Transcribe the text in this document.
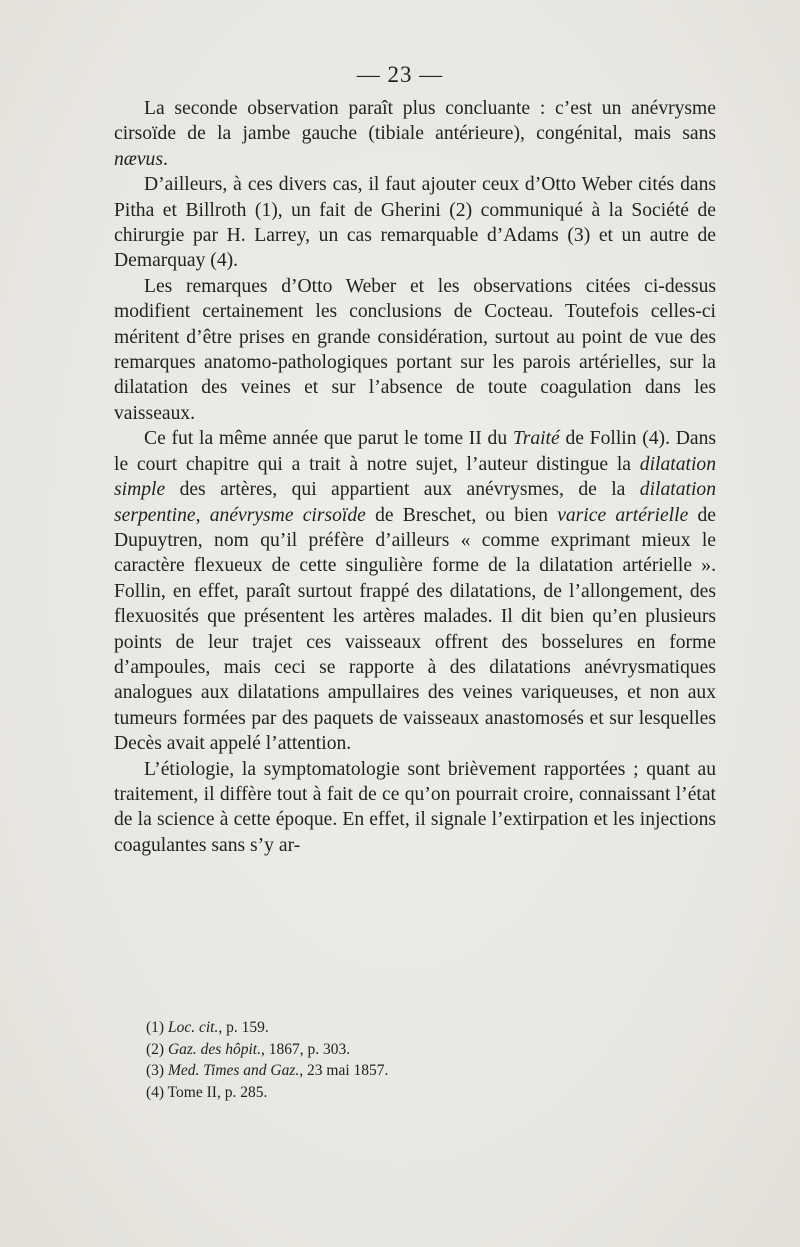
— 23 —

La seconde observation paraît plus concluante : c’est un anévrysme cirsoïde de la jambe gauche (tibiale antérieure), congénital, mais sans nævus.

D’ailleurs, à ces divers cas, il faut ajouter ceux d’Otto Weber cités dans Pitha et Billroth (1), un fait de Gherini (2) communiqué à la Société de chirurgie par H. Larrey, un cas remarquable d’Adams (3) et un autre de Demarquay (4).

Les remarques d’Otto Weber et les observations citées ci-dessus modifient certainement les conclusions de Cocteau. Toutefois celles-ci méritent d’être prises en grande considération, surtout au point de vue des remarques anatomo-pathologiques portant sur les parois artérielles, sur la dilatation des veines et sur l’absence de toute coagulation dans les vaisseaux.

Ce fut la même année que parut le tome II du Traité de Follin (4). Dans le court chapitre qui a trait à notre sujet, l’auteur distingue la dilatation simple des artères, qui appartient aux anévrysmes, de la dilatation serpentine, anévrysme cirsoïde de Breschet, ou bien varice artérielle de Dupuytren, nom qu’il préfère d’ailleurs « comme exprimant mieux le caractère flexueux de cette singulière forme de la dilatation artérielle ». Follin, en effet, paraît surtout frappé des dilatations, de l’allongement, des flexuosités que présentent les artères malades. Il dit bien qu’en plusieurs points de leur trajet ces vaisseaux offrent des bosselures en forme d’ampoules, mais ceci se rapporte à des dilatations anévrysmatiques analogues aux dilatations ampullaires des veines variqueuses, et non aux tumeurs formées par des paquets de vaisseaux anastomosés et sur lesquelles Decès avait appelé l’attention.

L’étiologie, la symptomatologie sont brièvement rapportées ; quant au traitement, il diffère tout à fait de ce qu’on pourrait croire, connaissant l’état de la science à cette époque. En effet, il signale l’extirpation et les injections coagulantes sans s’y ar-

(1) Loc. cit., p. 159.
(2) Gaz. des hôpit., 1867, p. 303.
(3) Med. Times and Gaz., 23 mai 1857.
(4) Tome II, p. 285.
